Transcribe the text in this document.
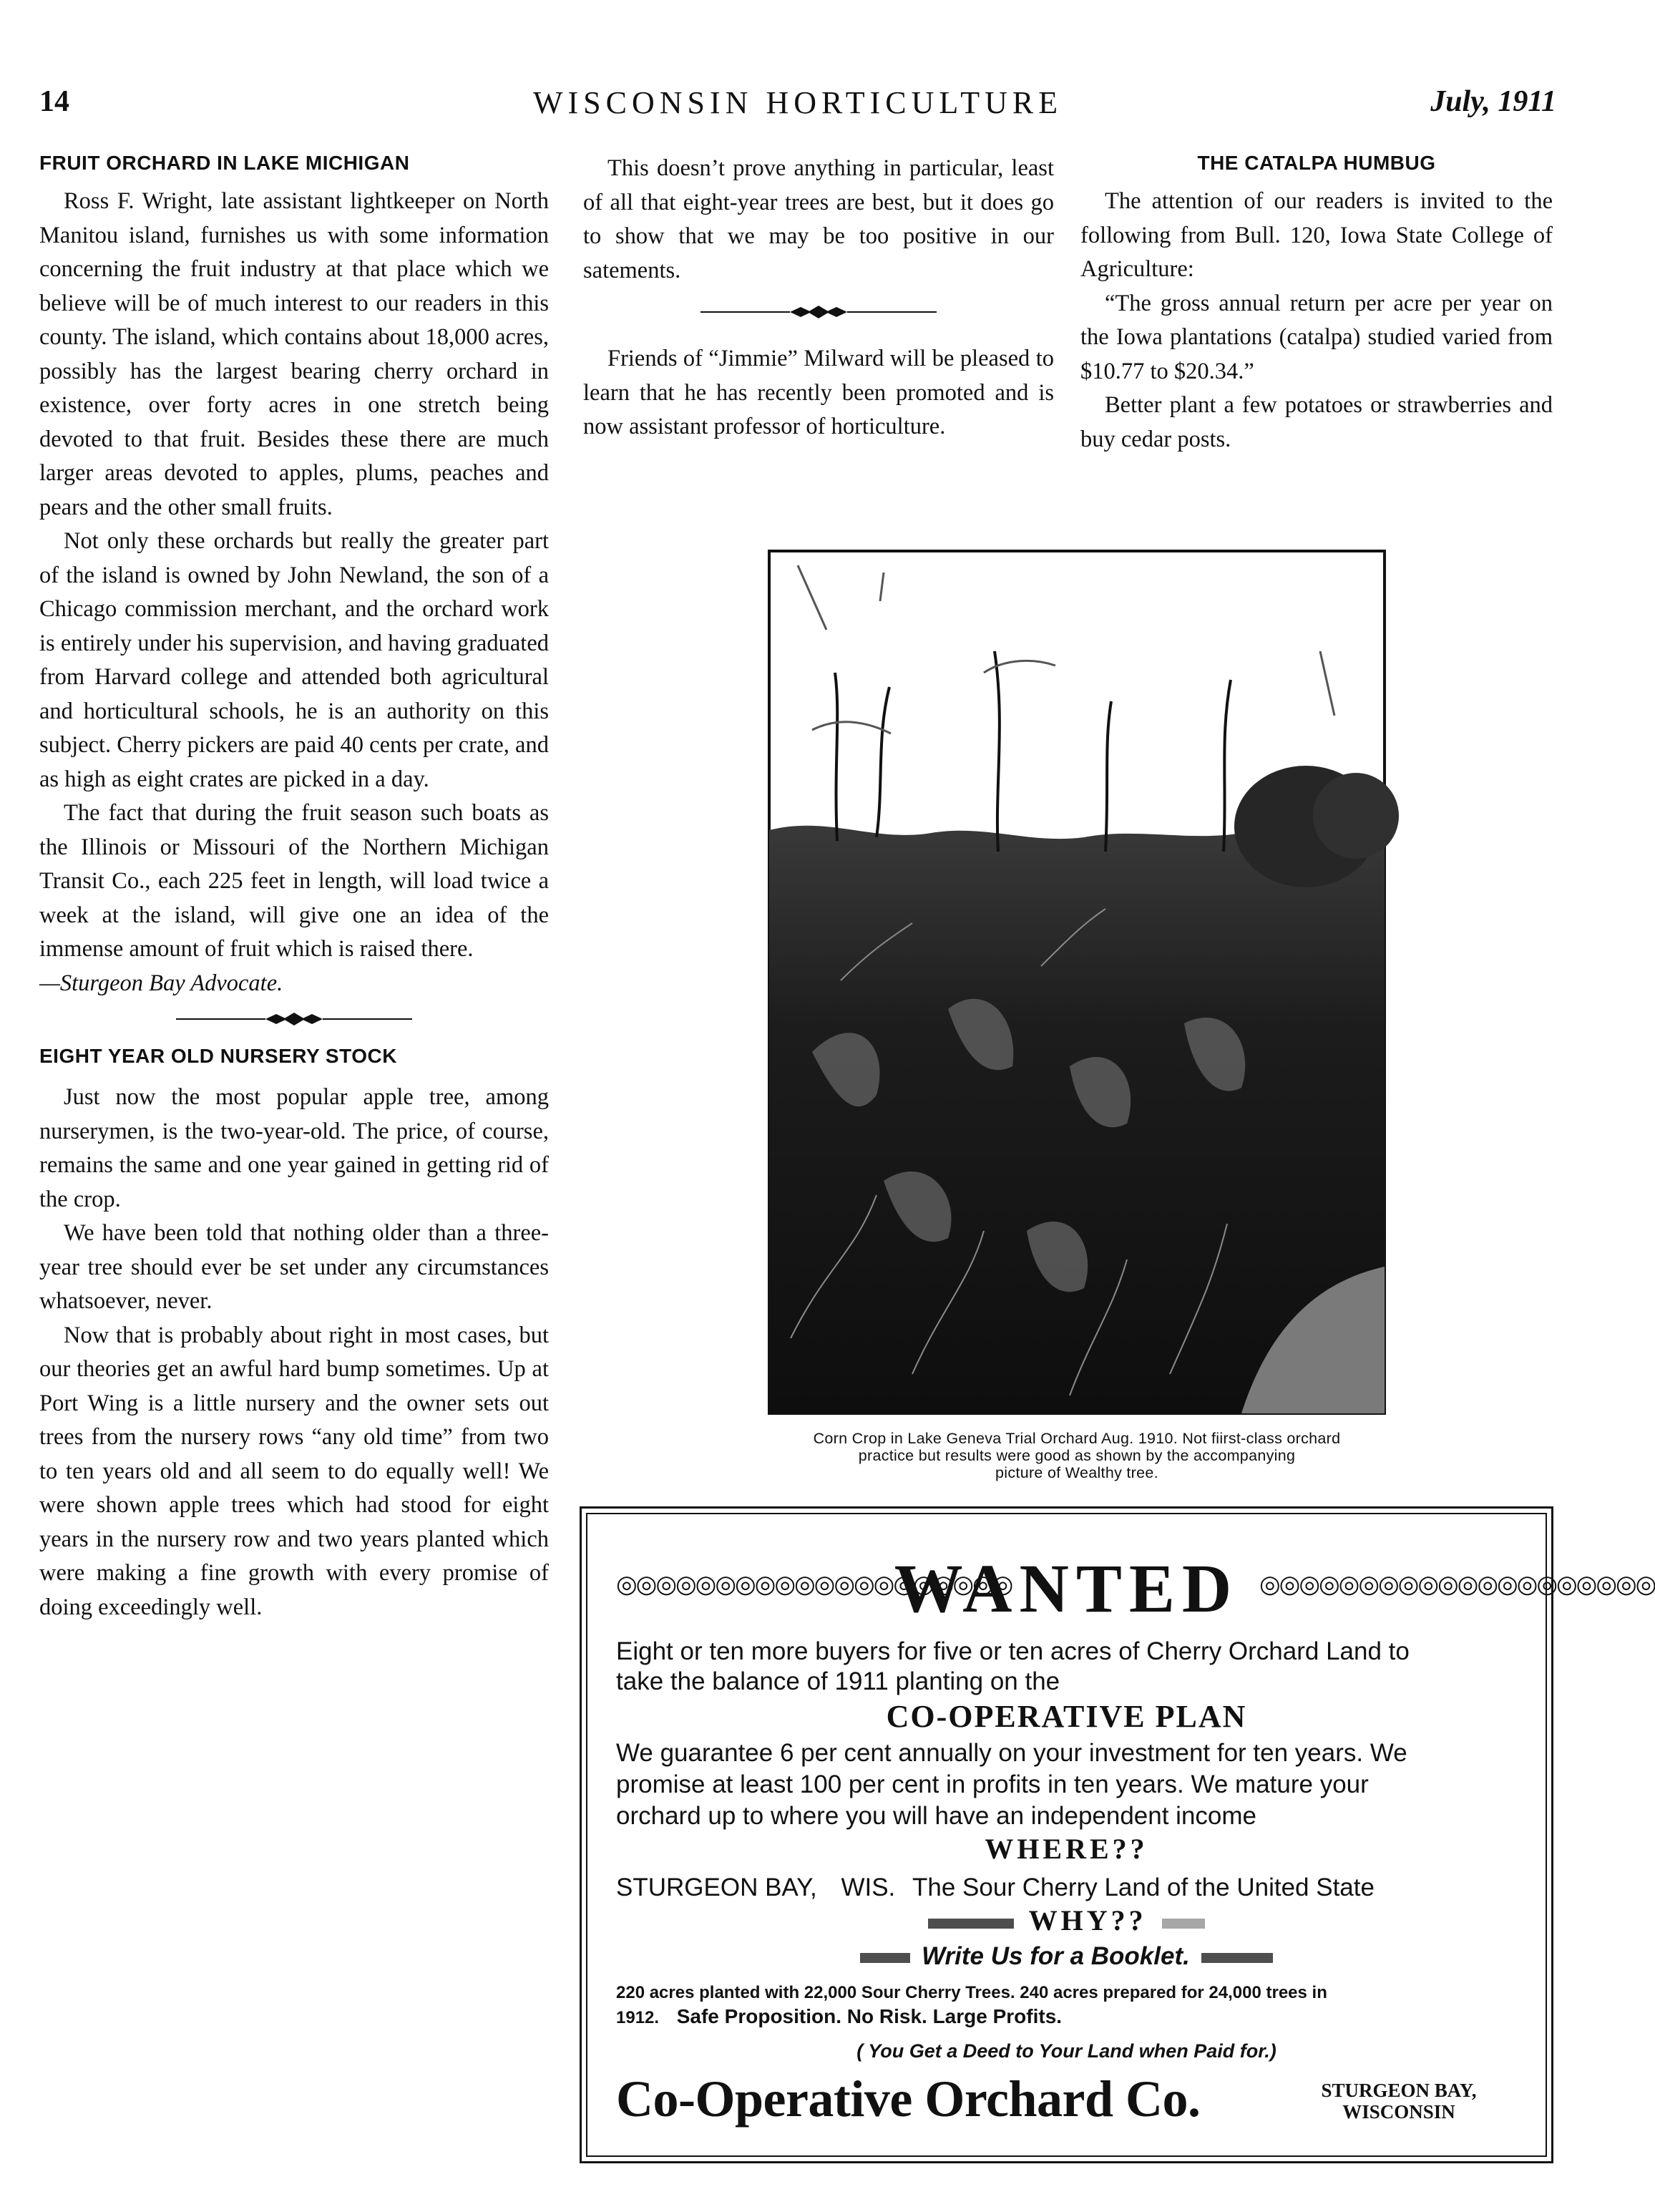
14	WISCONSIN HORTICULTURE	July, 1911
FRUIT ORCHARD IN LAKE MICHIGAN

Ross F. Wright, late assistant lightkeeper on North Manitou island, furnishes us with some information concerning the fruit industry at that place which we believe will be of much interest to our readers in this county. The island, which contains about 18,000 acres, possibly has the largest bearing cherry orchard in existence, over forty acres in one stretch being devoted to that fruit. Besides these there are much larger areas devoted to apples, plums, peaches and pears and the other small fruits.

Not only these orchards but really the greater part of the island is owned by John Newland, the son of a Chicago commission merchant, and the orchard work is entirely under his supervision, and having graduated from Harvard college and attended both agricultural and horticultural schools, he is an authority on this subject. Cherry pickers are paid 40 cents per crate, and as high as eight crates are picked in a day.

The fact that during the fruit season such boats as the Illinois or Missouri of the Northern Michigan Transit Co., each 225 feet in length, will load twice a week at the island, will give one an idea of the immense amount of fruit which is raised there.

—Sturgeon Bay Advocate.

EIGHT YEAR OLD NURSERY STOCK

Just now the most popular apple tree, among nurserymen, is the two-year-old. The price, of course, remains the same and one year gained in getting rid of the crop.

We have been told that nothing older than a three-year tree should ever be set under any circumstances whatsoever, never.

Now that is probably about right in most cases, but our theories get an awful hard bump sometimes. Up at Port Wing is a little nursery and the owner sets out trees from the nursery rows “any old time” from two to ten years old and all seem to do equally well! We were shown apple trees which had stood for eight years in the nursery row and two years planted which were making a fine growth with every promise of doing exceedingly well.

This doesn’t prove anything in particular, least of all that eight-year trees are best, but it does go to show that we may be too positive in our satements.

Friends of “Jimmie” Milward will be pleased to learn that he has recently been promoted and is now assistant professor of horticulture.

THE CATALPA HUMBUG

The attention of our readers is invited to the following from Bull. 120, Iowa State College of Agriculture:

“The gross annual return per acre per year on the Iowa plantations (catalpa) studied varied from $10.77 to $20.34.”

Better plant a few potatoes or strawberries and buy cedar posts.

Corn Crop in Lake Geneva Trial Orchard Aug. 1910. Not fiirst-class orchard
practice but results were good as shown by the accompanying
picture of Wealthy tree.
◎◎◎◎◎◎◎◎◎◎◎◎◎◎◎◎◎◎◎◎
WANTED ◎◎◎◎◎◎◎◎◎◎◎◎◎◎◎◎◎◎◎◎
Eight or ten more buyers for five or ten acres of Cherry Orchard Land to
take the balance of 1911 planting on the
CO-OPERATIVE PLAN
We guarantee 6 per cent annually on your investment for ten years. We
promise at least 100 per cent in profits in ten years. We mature your
orchard up to where you will have an independent income
WHERE??
STURGEON BAY, WIS. The Sour Cherry Land of the United State
WHY??
Write Us for a Booklet.
220 acres planted with 22,000 Sour Cherry Trees. 240 acres prepared for 24,000 trees in
1912. Safe Proposition. No Risk. Large Profits.
( You Get a Deed to Your Land when Paid for.)
Co-Operative Orchard Co.	STURGEON BAY,
WISCONSIN
